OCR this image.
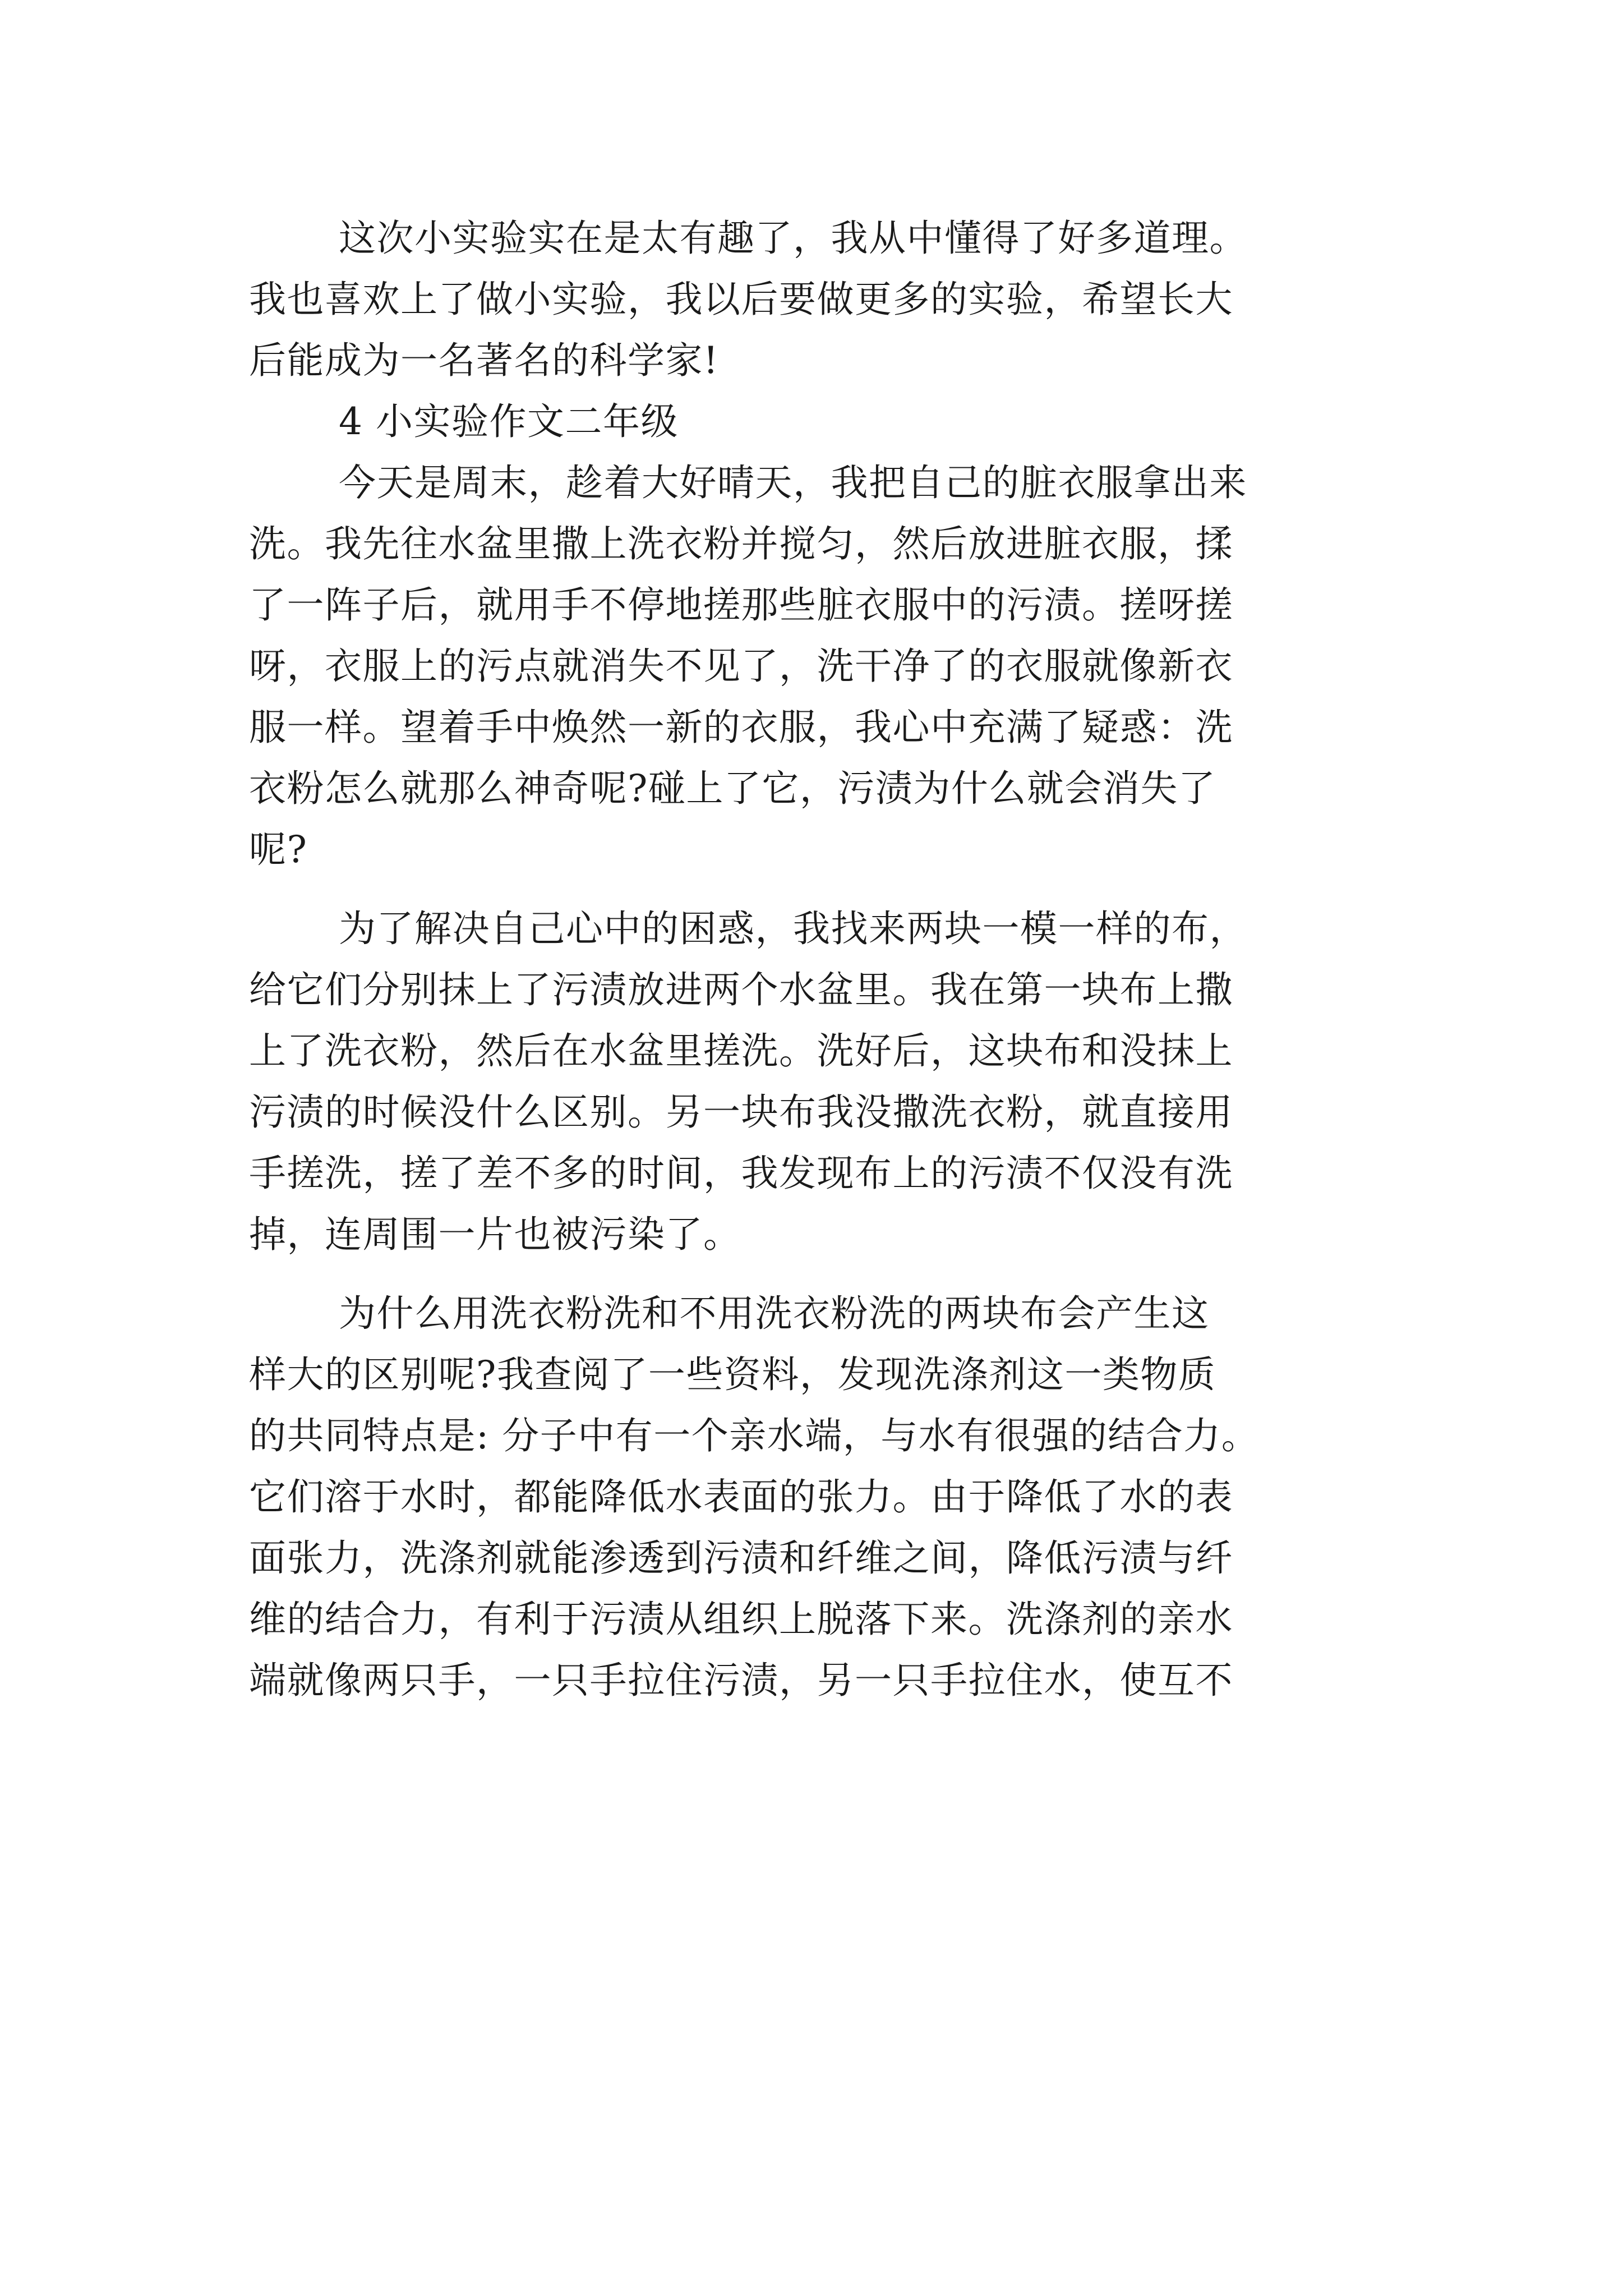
这次小实验实在是太有趣了，我从中懂得了好多道理。
我也喜欢上了做小实验，我以后要做更多的实验，希望长大
后能成为一名著名的科学家!

4 小实验作文二年级

今天是周末，趁着大好晴天，我把自己的脏衣服拿出来
洗。我先往水盆里撒上洗衣粉并搅匀，然后放进脏衣服，揉
了一阵子后，就用手不停地搓那些脏衣服中的污渍。搓呀搓
呀，衣服上的污点就消失不见了，洗干净了的衣服就像新衣
服一样。望着手中焕然一新的衣服，我心中充满了疑惑：洗
衣粉怎么就那么神奇呢?碰上了它，污渍为什么就会消失了
呢?

为了解决自己心中的困惑，我找来两块一模一样的布，
给它们分别抹上了污渍放进两个水盆里。我在第一块布上撒
上了洗衣粉，然后在水盆里搓洗。洗好后，这块布和没抹上
污渍的时候没什么区别。另一块布我没撒洗衣粉，就直接用
手搓洗，搓了差不多的时间，我发现布上的污渍不仅没有洗
掉，连周围一片也被污染了。

为什么用洗衣粉洗和不用洗衣粉洗的两块布会产生这
样大的区别呢?我查阅了一些资料，发现洗涤剂这一类物质
的共同特点是: 分子中有一个亲水端，与水有很强的结合力。
它们溶于水时，都能降低水表面的张力。由于降低了水的表
面张力，洗涤剂就能渗透到污渍和纤维之间，降低污渍与纤
维的结合力，有利于污渍从组织上脱落下来。洗涤剂的亲水
端就像两只手，一只手拉住污渍，另一只手拉住水，使互不
